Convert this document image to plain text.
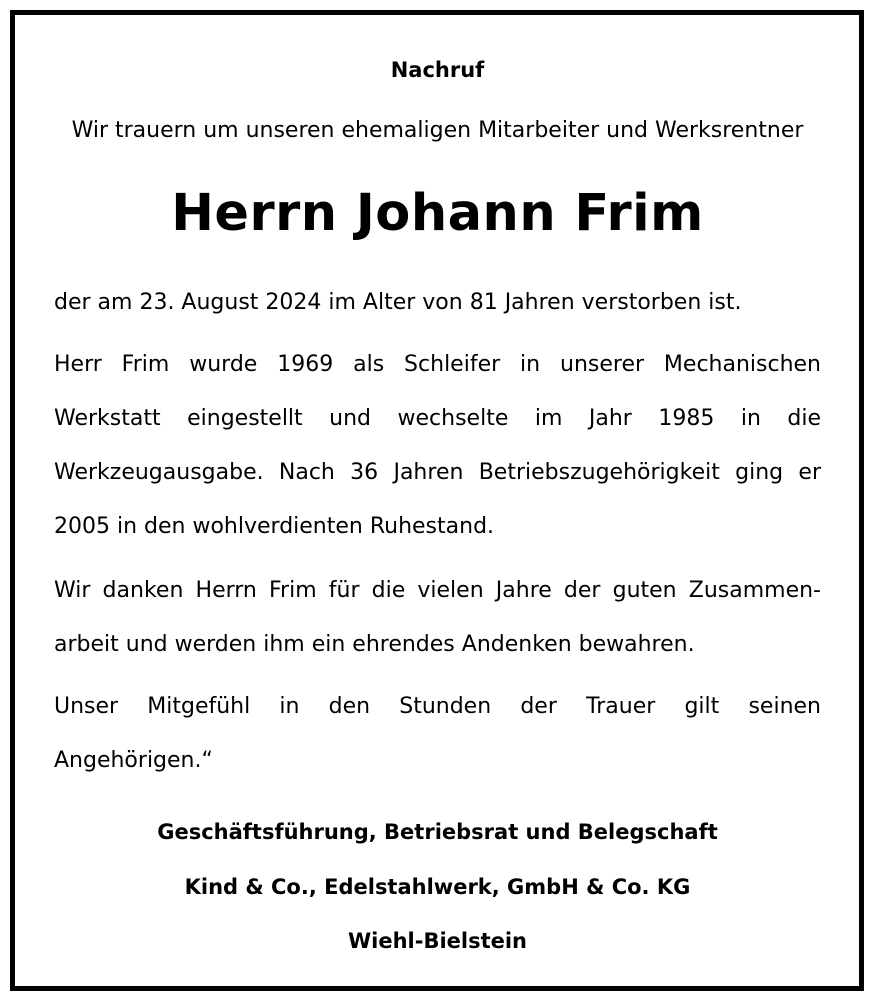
Nachruf
Wir trauern um unseren ehemaligen Mitarbeiter und Werksrentner
Herrn Johann Frim
der am 23. August 2024 im Alter von 81 Jahren verstorben ist.
Herr Frim wurde 1969 als Schleifer in unserer Mechanischen
Werkstatt eingestellt und wechselte im Jahr 1985 in die
Werkzeugausgabe. Nach 36 Jahren Betriebszugehörigkeit ging er
2005 in den wohlverdienten Ruhestand.
Wir danken Herrn Frim für die vielen Jahre der guten Zusammen-
arbeit und werden ihm ein ehrendes Andenken bewahren.
Unser Mitgefühl in den Stunden der Trauer gilt seinen
Angehörigen.“
Geschäftsführung, Betriebsrat und Belegschaft
Kind & Co., Edelstahlwerk, GmbH & Co. KG
Wiehl-Bielstein
